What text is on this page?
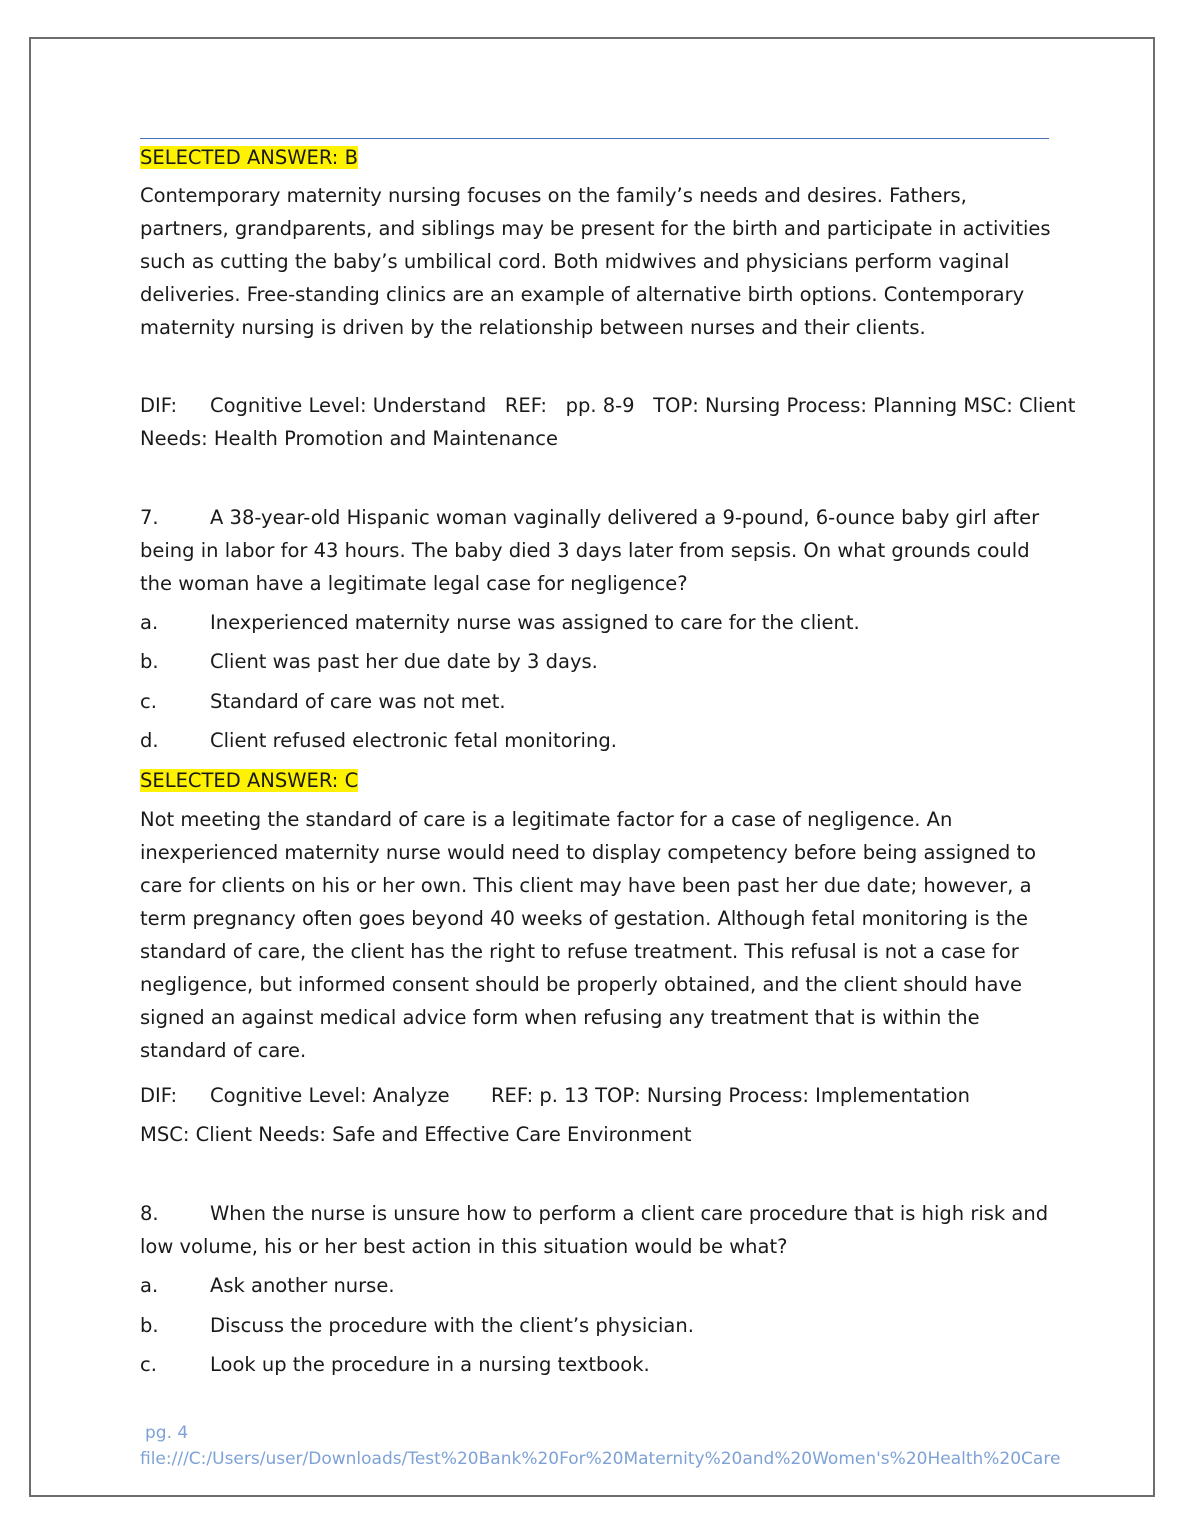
SELECTED ANSWER: B

Contemporary maternity nursing focuses on the family’s needs and desires. Fathers, partners, grandparents, and siblings may be present for the birth and participate in activities such as cutting the baby’s umbilical cord. Both midwives and physicians perform vaginal deliveries. Free-standing clinics are an example of alternative birth options. Contemporary maternity nursing is driven by the relationship between nurses and their clients.

DIF: Cognitive Level: Understand   REF:   pp. 8-9   TOP: Nursing Process: Planning MSC: Client
Needs: Health Promotion and Maintenance
7.	A 38-year-old Hispanic woman vaginally delivered a 9-pound, 6-ounce baby girl after being in labor for 43 hours. The baby died 3 days later from sepsis. On what grounds could the woman have a legitimate legal case for negligence?
a.	Inexperienced maternity nurse was assigned to care for the client.
b.	Client was past her due date by 3 days.
c.	Standard of care was not met.
d.	Client refused electronic fetal monitoring.
SELECTED ANSWER: C

Not meeting the standard of care is a legitimate factor for a case of negligence. An inexperienced maternity nurse would need to display competency before being assigned to care for clients on his or her own. This client may have been past her due date; however, a term pregnancy often goes beyond 40 weeks of gestation. Although fetal monitoring is the standard of care, the client has the right to refuse treatment. This refusal is not a case for negligence, but informed consent should be properly obtained, and the client should have signed an against medical advice form when refusing any treatment that is within the standard of care.

DIF: Cognitive Level: Analyze REF: p. 13 TOP: Nursing Process: Implementation
MSC: Client Needs: Safe and Effective Care Environment
8.	When the nurse is unsure how to perform a client care procedure that is high risk and low volume, his or her best action in this situation would be what?
a.	Ask another nurse.
b.	Discuss the procedure with the client’s physician.
c.	Look up the procedure in a nursing textbook.
pg. 4
file:///C:/Users/user/Downloads/Test%20Bank%20For%20Maternity%20and%20Women's%20Health%20Care
